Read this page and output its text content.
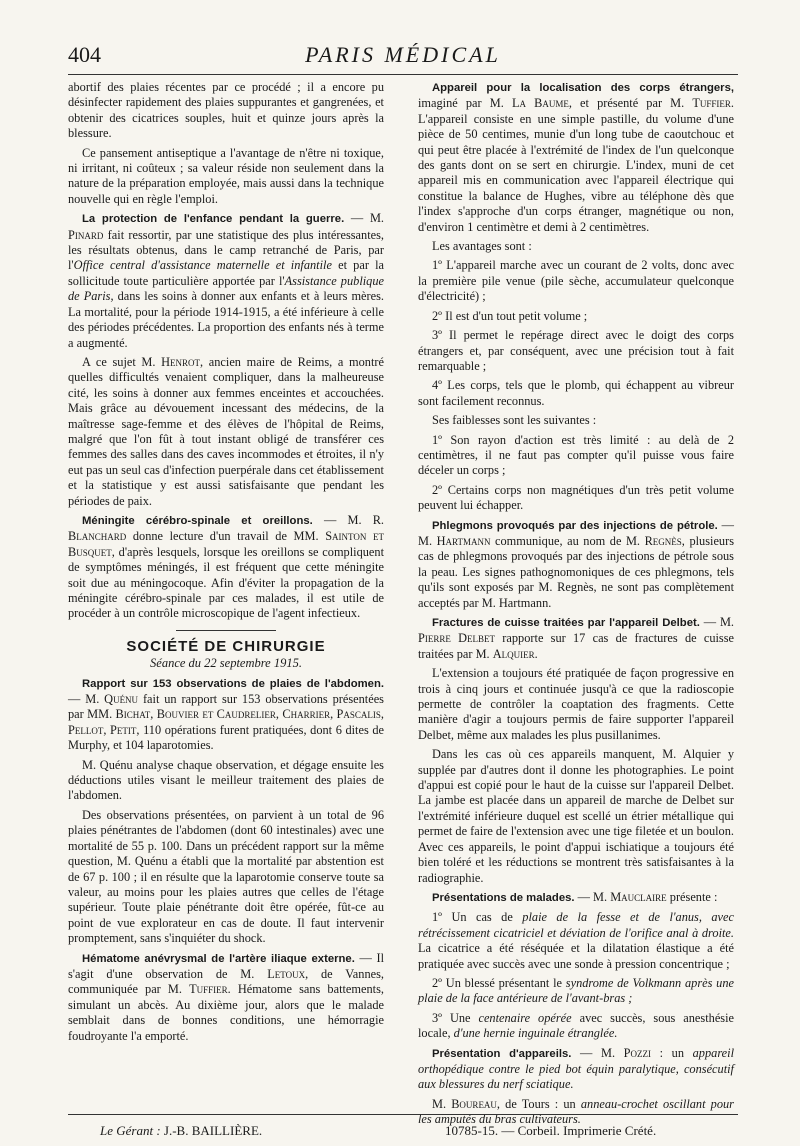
404	PARIS MÉDICAL

abortif des plaies récentes par ce procédé ; il a encore pu désinfecter rapidement des plaies suppurantes et gangrenées, et obtenir des cicatrices souples, huit et quinze jours après la blessure.

Ce pansement antiseptique a l'avantage de n'être ni toxique, ni irritant, ni coûteux ; sa valeur réside non seulement dans la nature de la préparation employée, mais aussi dans la technique nouvelle qui en règle l'emploi.

La protection de l'enfance pendant la guerre. — M. Pinard fait ressortir, par une statistique des plus intéressantes, les résultats obtenus, dans le camp retranché de Paris, par l'Office central d'assistance maternelle et infantile et par la sollicitude toute particulière apportée par l'Assistance publique de Paris, dans les soins à donner aux enfants et à leurs mères. La mortalité, pour la période 1914-1915, a été inférieure à celle des périodes précédentes. La proportion des enfants nés à terme a augmenté.

A ce sujet M. Henrot, ancien maire de Reims, a montré quelles difficultés venaient compliquer, dans la malheureuse cité, les soins à donner aux femmes enceintes et accouchées. Mais grâce au dévouement incessant des médecins, de la maîtresse sage-femme et des élèves de l'hôpital de Reims, malgré que l'on fût à tout instant obligé de transférer ces femmes des salles dans des caves incommodes et étroites, il n'y eut pas un seul cas d'infection puerpérale dans cet établissement et la statistique y est aussi satisfaisante que pendant les périodes de paix.

Méningite cérébro-spinale et oreillons. — M. R. Blanchard donne lecture d'un travail de MM. Sainton et Busquet, d'après lesquels, lorsque les oreillons se compliquent de symptômes méningés, il est fréquent que cette méningite soit due au méningocoque. Afin d'éviter la propagation de la méningite cérébro-spinale par ces malades, il est utile de procéder à un contrôle microscopique de l'agent infectieux.

SOCIÉTÉ DE CHIRURGIE
Séance du 22 septembre 1915.

Rapport sur 153 observations de plaies de l'abdomen. — M. Quénu fait un rapport sur 153 observations présentées par MM. Bichat, Bouvier et Caudrelier, Charrier, Pascalis, Pellot, Petit, 110 opérations furent pratiquées, dont 6 dites de Murphy, et 104 laparotomies.

M. Quénu analyse chaque observation, et dégage ensuite les déductions utiles visant le meilleur traitement des plaies de l'abdomen.

Des observations présentées, on parvient à un total de 96 plaies pénétrantes de l'abdomen (dont 60 intestinales) avec une mortalité de 55 p. 100. Dans un précédent rapport sur la même question, M. Quénu a établi que la mortalité par abstention est de 67 p. 100 ; il en résulte que la laparotomie conserve toute sa valeur, au moins pour les plaies autres que celles de l'étage supérieur. Toute plaie pénétrante doit être opérée, fût-ce au point de vue explorateur en cas de doute. Il faut intervenir promptement, sans s'inquiéter du shock.

Hématome anévrysmal de l'artère iliaque externe. — Il s'agit d'une observation de M. Letoux, de Vannes, communiquée par M. Tuffier. Hématome sans battements, simulant un abcès. Au dixième jour, alors que le malade semblait dans de bonnes conditions, une hémorragie foudroyante l'a emporté.

Appareil pour la localisation des corps étrangers, imaginé par M. La Baume, et présenté par M. Tuffier. L'appareil consiste en une simple pastille, du volume d'une pièce de 50 centimes, munie d'un long tube de caoutchouc et qui peut être placée à l'extrémité de l'index de l'un quelconque des gants dont on se sert en chirurgie. L'index, muni de cet appareil mis en communication avec l'appareil électrique qui constitue la balance de Hughes, vibre au téléphone dès que l'index s'approche d'un corps étranger, magnétique ou non, d'environ 1 centimètre et demi à 2 centimètres.

Les avantages sont :

1º L'appareil marche avec un courant de 2 volts, donc avec la première pile venue (pile sèche, accumulateur quelconque d'électricité) ;

2º Il est d'un tout petit volume ;

3º Il permet le repérage direct avec le doigt des corps étrangers et, par conséquent, avec une précision tout à fait remarquable ;

4º Les corps, tels que le plomb, qui échappent au vibreur sont facilement reconnus.

Ses faiblesses sont les suivantes :

1º Son rayon d'action est très limité : au delà de 2 centimètres, il ne faut pas compter qu'il puisse vous faire déceler un corps ;

2º Certains corps non magnétiques d'un très petit volume peuvent lui échapper.

Phlegmons provoqués par des injections de pétrole. — M. Hartmann communique, au nom de M. Regnès, plusieurs cas de phlegmons provoqués par des injections de pétrole sous la peau. Les signes pathognomoniques de ces phlegmons, tels qu'ils sont exposés par M. Regnès, ne sont pas complètement acceptés par M. Hartmann.

Fractures de cuisse traitées par l'appareil Delbet. — M. Pierre Delbet rapporte sur 17 cas de fractures de cuisse traitées par M. Alquier.

L'extension a toujours été pratiquée de façon progressive en trois à cinq jours et continuée jusqu'à ce que la radioscopie permette de contrôler la coaptation des fragments. Cette manière d'agir a toujours permis de faire supporter l'appareil Delbet, même aux malades les plus pusillanimes.

Dans les cas où ces appareils manquent, M. Alquier y supplée par d'autres dont il donne les photographies. Le point d'appui est copié pour le haut de la cuisse sur l'appareil Delbet. La jambe est placée dans un appareil de marche de Delbet sur l'extrémité inférieure duquel est scellé un étrier métallique qui permet de faire de l'extension avec une tige filetée et un boulon. Avec ces appareils, le point d'appui ischiatique a toujours été bien toléré et les réductions se montrent très satisfaisantes à la radiographie.

Présentations de malades. — M. Mauclaire présente :

1º Un cas de plaie de la fesse et de l'anus, avec rétrécissement cicatriciel et déviation de l'orifice anal à droite. La cicatrice a été réséquée et la dilatation élastique a été pratiquée avec succès avec une sonde à pression concentrique ;

2º Un blessé présentant le syndrome de Volkmann après une plaie de la face antérieure de l'avant-bras ;

3º Une centenaire opérée avec succès, sous anesthésie locale, d'une hernie inguinale étranglée.

Présentation d'appareils. — M. Pozzi : un appareil orthopédique contre le pied bot équin paralytique, consécutif aux blessures du nerf sciatique.

M. Boureau, de Tours : un anneau-crochet oscillant pour les amputés du bras cultivateurs.

Le Gérant : J.-B. BAILLIÈRE.	10785-15. — Corbeil. Imprimerie Crété.
